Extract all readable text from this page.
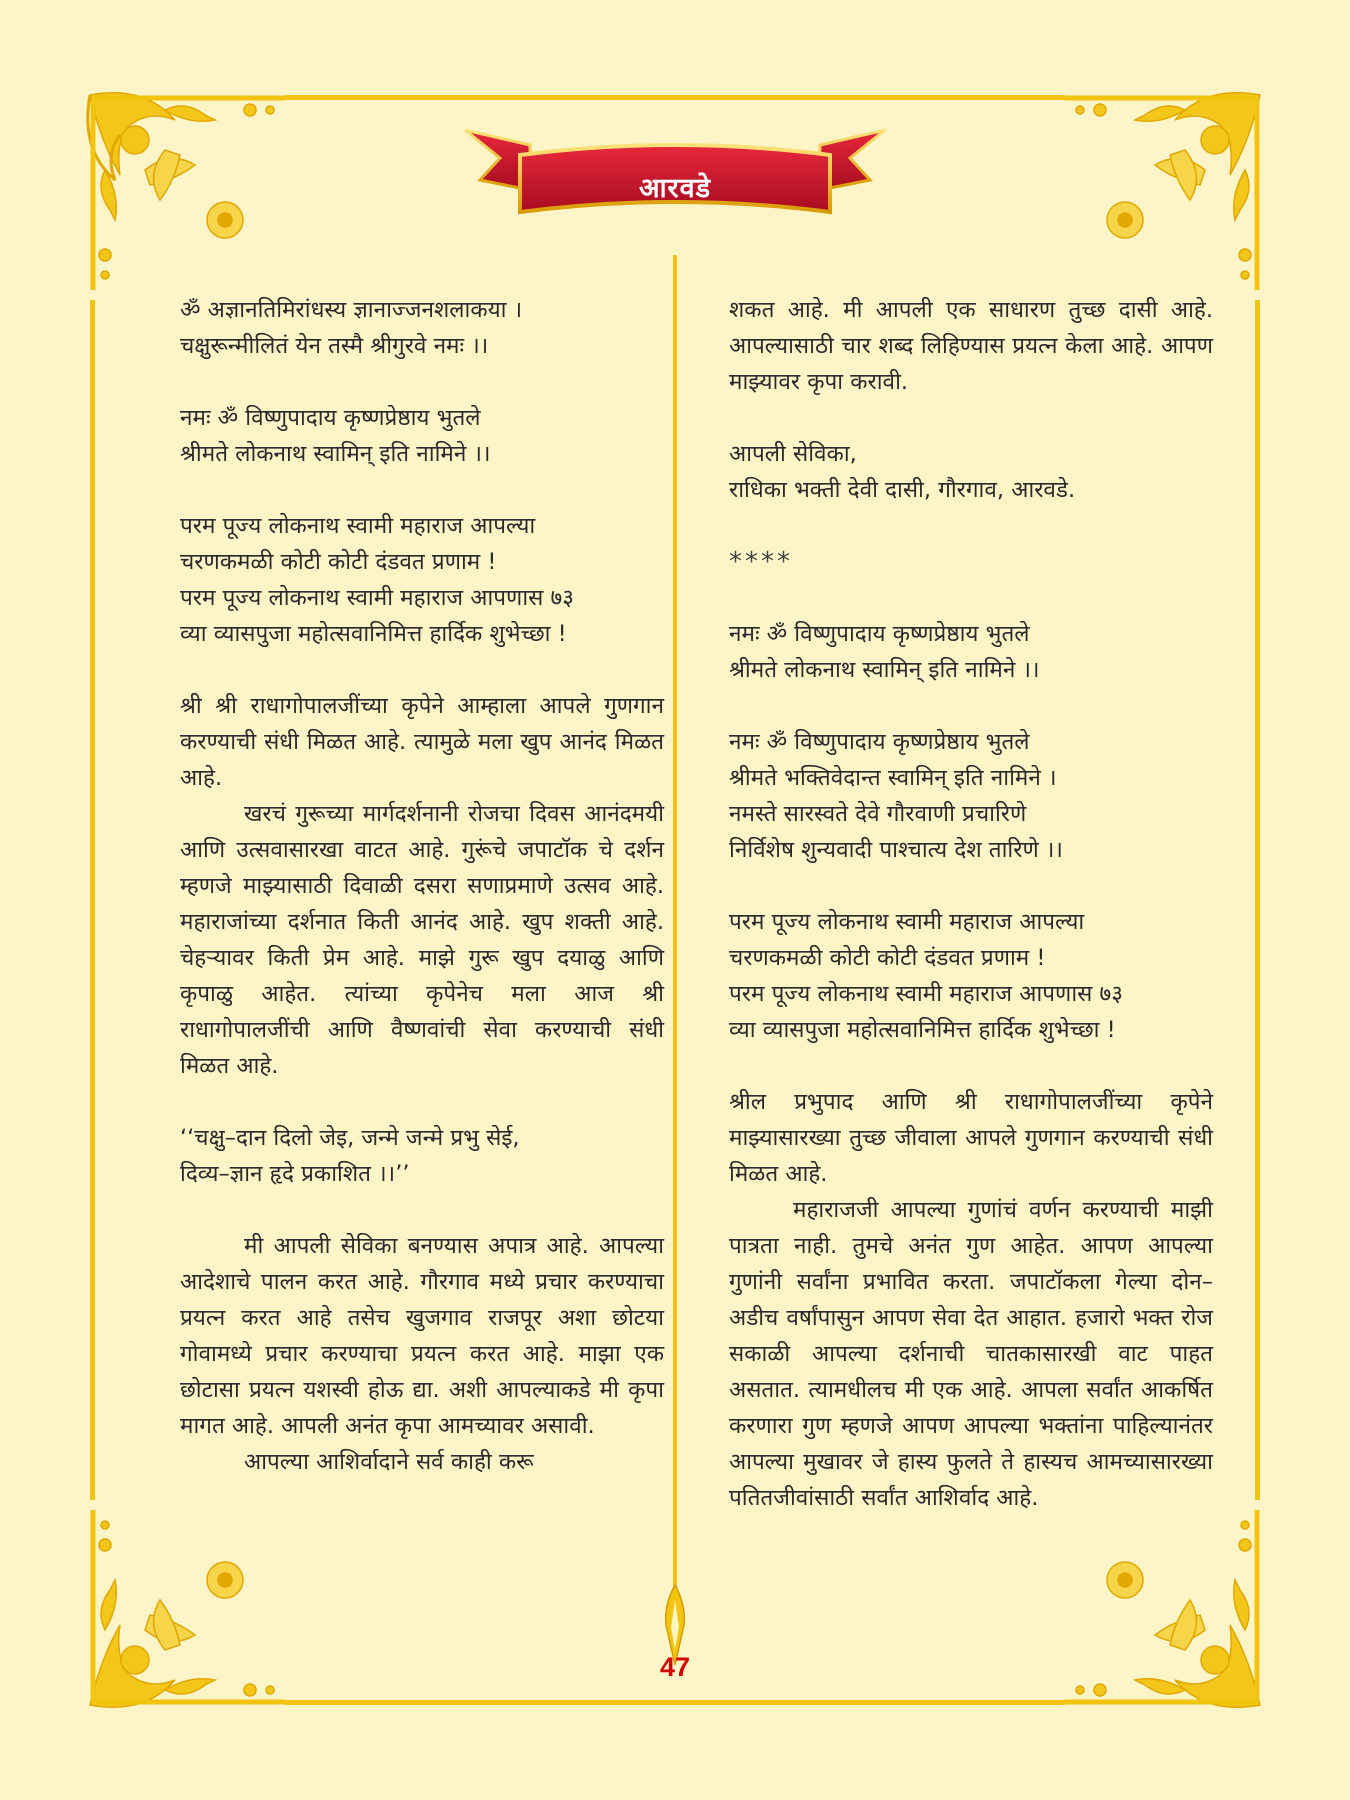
आरवडे

ॐ अज्ञानतिमिरांधस्य ज्ञानाज्जनशलाकया ।
चक्षुरून्मीलितं येन तस्मै श्रीगुरवे नमः ।।

नमः ॐ विष्णुपादाय कृष्णप्रेष्ठाय भुतले
श्रीमते लोकनाथ स्वामिन् इति नामिने ।।

परम पूज्य लोकनाथ स्वामी महाराज आपल्या
चरणकमळी कोटी कोटी दंडवत प्रणाम !
परम पूज्य लोकनाथ स्वामी महाराज आपणास ७३
व्या व्यासपुजा महोत्सवानिमित्त हार्दिक शुभेच्छा !

श्री श्री राधागोपालजींच्या कृपेने आम्हाला आपले गुणगान करण्याची संधी मिळत आहे. त्यामुळे मला खुप आनंद मिळत आहे.

खरचं गुरूच्या मार्गदर्शनानी रोजचा दिवस आनंदमयी आणि उत्सवासारखा वाटत आहे. गुरूंचे जपाटॉक चे दर्शन म्हणजे माझ्यासाठी दिवाळी दसरा सणाप्रमाणे उत्सव आहे. महाराजांच्या दर्शनात किती आनंद आहे. खुप शक्ती आहे. चेहऱ्यावर किती प्रेम आहे. माझे गुरू खुप दयाळु आणि कृपाळु आहेत. त्यांच्या कृपेनेच मला आज श्री राधागोपालजींची आणि वैष्णवांची सेवा करण्याची संधी मिळत आहे.

‘‘चक्षु–दान दिलो जेइ, जन्मे जन्मे प्रभु सेई,
दिव्य–ज्ञान हृदे प्रकाशित ।।’’

मी आपली सेविका बनण्यास अपात्र आहे. आपल्या आदेशाचे पालन करत आहे. गौरगाव मध्ये प्रचार करण्याचा प्रयत्न करत आहे तसेच खुजगाव राजपूर अशा छोटया गोवामध्ये प्रचार करण्याचा प्रयत्न करत आहे. माझा एक छोटासा प्रयत्न यशस्वी होऊ द्या. अशी आपल्याकडे मी कृपा मागत आहे. आपली अनंत कृपा आमच्यावर असावी.

आपल्या आशिर्वादाने सर्व काही करू

शकत आहे. मी आपली एक साधारण तुच्छ दासी आहे. आपल्यासाठी चार शब्द लिहिण्यास प्रयत्न केला आहे. आपण माझ्यावर कृपा करावी.

आपली सेविका,
राधिका भक्ती देवी दासी, गौरगाव, आरवडे.

****

नमः ॐ विष्णुपादाय कृष्णप्रेष्ठाय भुतले
श्रीमते लोकनाथ स्वामिन् इति नामिने ।।

नमः ॐ विष्णुपादाय कृष्णप्रेष्ठाय भुतले
श्रीमते भक्तिवेदान्त स्वामिन् इति नामिने ।
नमस्ते सारस्वते देवे गौरवाणी प्रचारिणे
निर्विशेष शुन्यवादी पाश्चात्य देश तारिणे ।।

परम पूज्य लोकनाथ स्वामी महाराज आपल्या
चरणकमळी कोटी कोटी दंडवत प्रणाम !
परम पूज्य लोकनाथ स्वामी महाराज आपणास ७३
व्या व्यासपुजा महोत्सवानिमित्त हार्दिक शुभेच्छा !

श्रील प्रभुपाद आणि श्री राधागोपालजींच्या कृपेने माझ्यासारख्या तुच्छ जीवाला आपले गुणगान करण्याची संधी मिळत आहे.

महाराजजी आपल्या गुणांचं वर्णन करण्याची माझी पात्रता नाही. तुमचे अनंत गुण आहेत. आपण आपल्या गुणांनी सर्वांना प्रभावित करता. जपाटॉकला गेल्या दोन–अडीच वर्षांपासुन आपण सेवा देत आहात. हजारो भक्त रोज सकाळी आपल्या दर्शनाची चातकासारखी वाट पाहत असतात. त्यामधीलच मी एक आहे. आपला सर्वांत आकर्षित करणारा गुण म्हणजे आपण आपल्या भक्तांना पाहिल्यानंतर आपल्या मुखावर जे हास्य फुलते ते हास्यच आमच्यासारख्या पतितजीवांसाठी सर्वांत आशिर्वाद आहे.

47
